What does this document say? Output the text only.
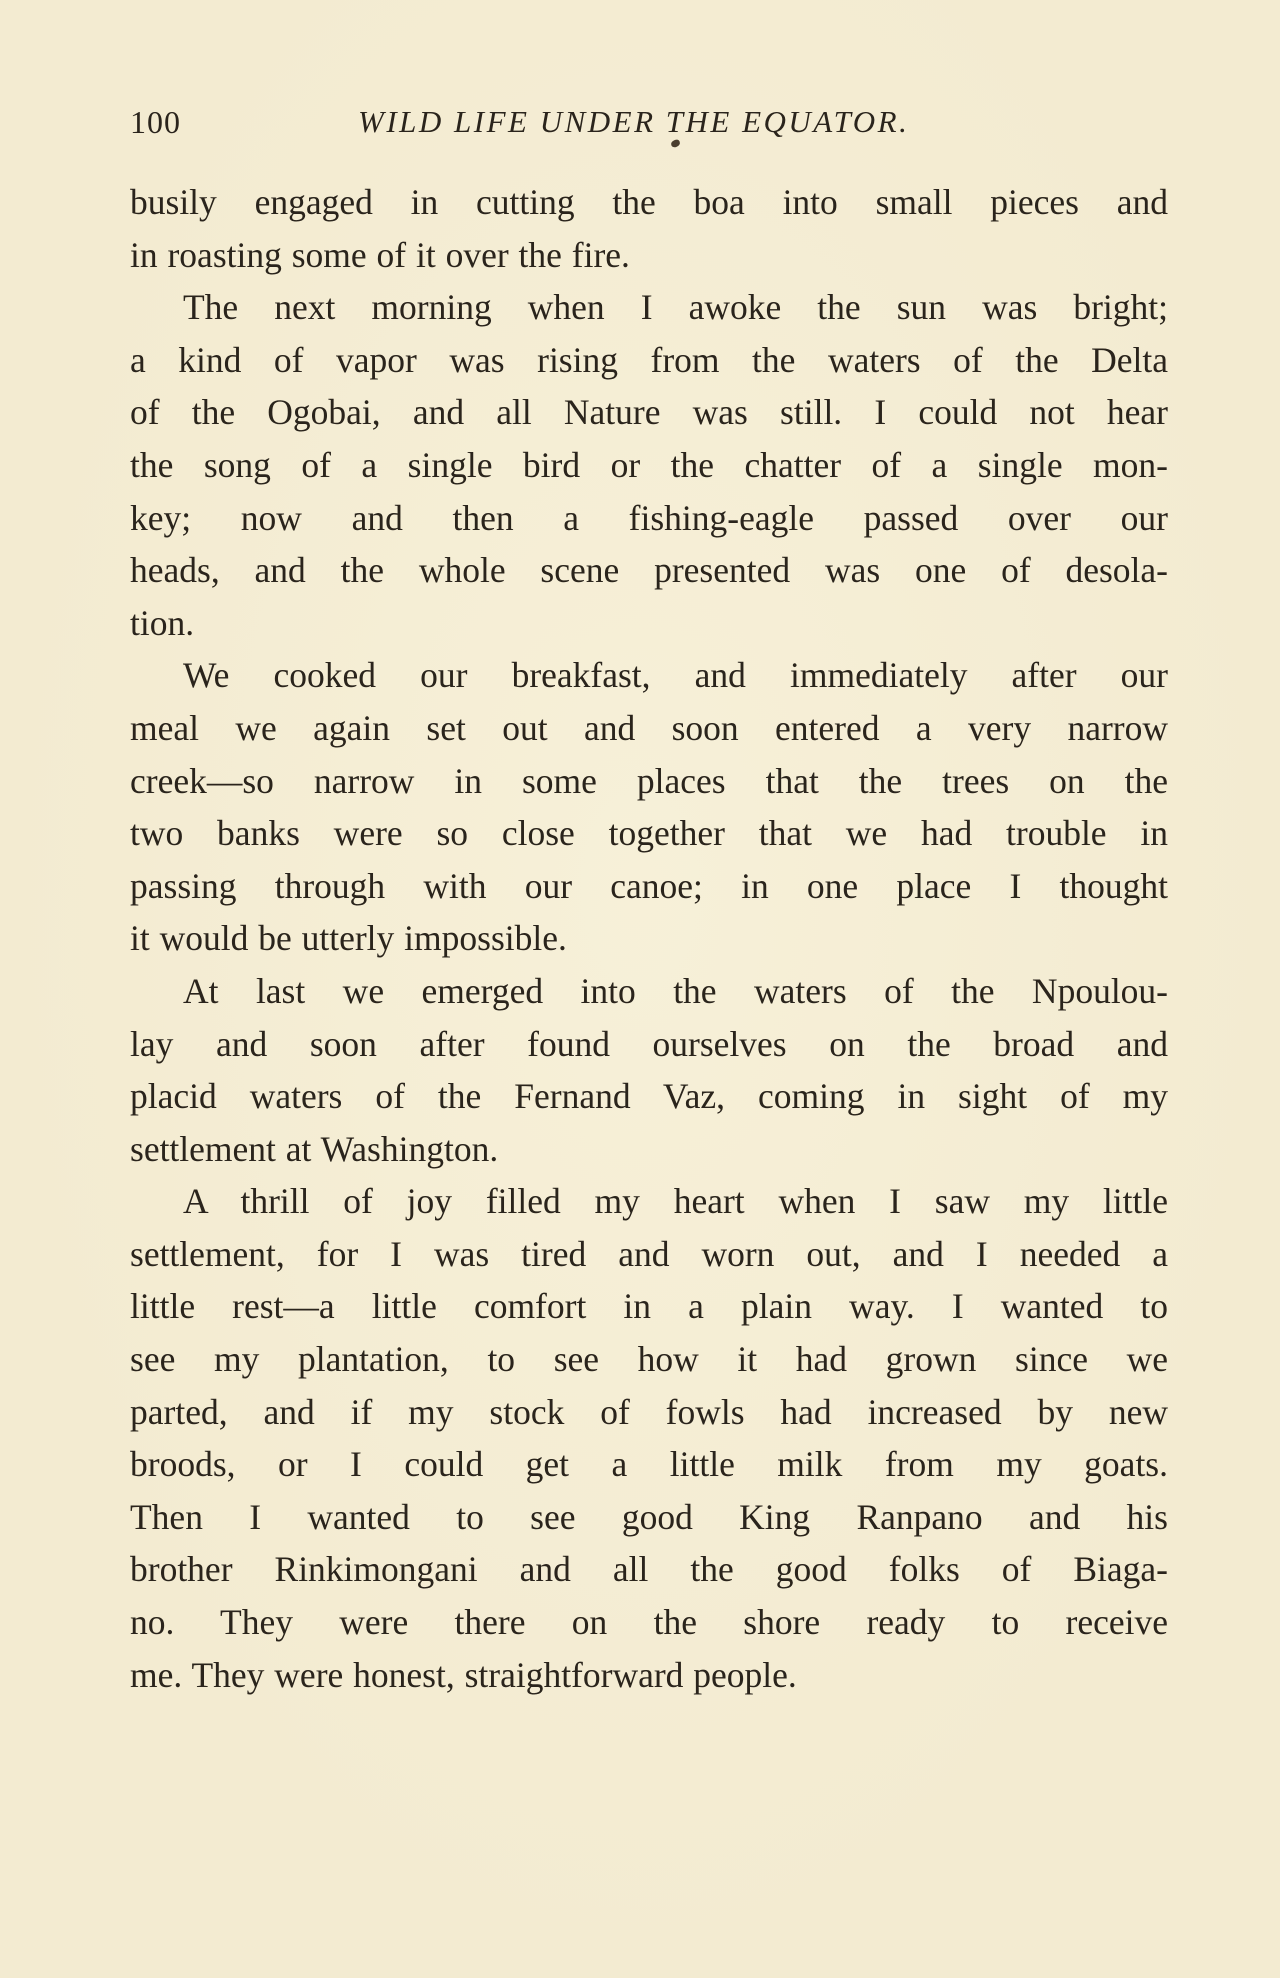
100	WILD LIFE UNDER THE EQUATOR.

busily engaged in cutting the boa into small pieces and
in roasting some of it over the fire.

The next morning when I awoke the sun was bright;
a kind of vapor was rising from the waters of the Delta
of the Ogobai, and all Nature was still. I could not hear
the song of a single bird or the chatter of a single mon-
key; now and then a fishing-eagle passed over our
heads, and the whole scene presented was one of desola-
tion.

We cooked our breakfast, and immediately after our
meal we again set out and soon entered a very narrow
creek—so narrow in some places that the trees on the
two banks were so close together that we had trouble in
passing through with our canoe; in one place I thought
it would be utterly impossible.

At last we emerged into the waters of the Npoulou-
lay and soon after found ourselves on the broad and
placid waters of the Fernand Vaz, coming in sight of my
settlement at Washington.

A thrill of joy filled my heart when I saw my little
settlement, for I was tired and worn out, and I needed a
little rest—a little comfort in a plain way. I wanted to
see my plantation, to see how it had grown since we
parted, and if my stock of fowls had increased by new
broods, or I could get a little milk from my goats.
Then I wanted to see good King Ranpano and his
brother Rinkimongani and all the good folks of Biaga-
no. They were there on the shore ready to receive
me. They were honest, straightforward people.
